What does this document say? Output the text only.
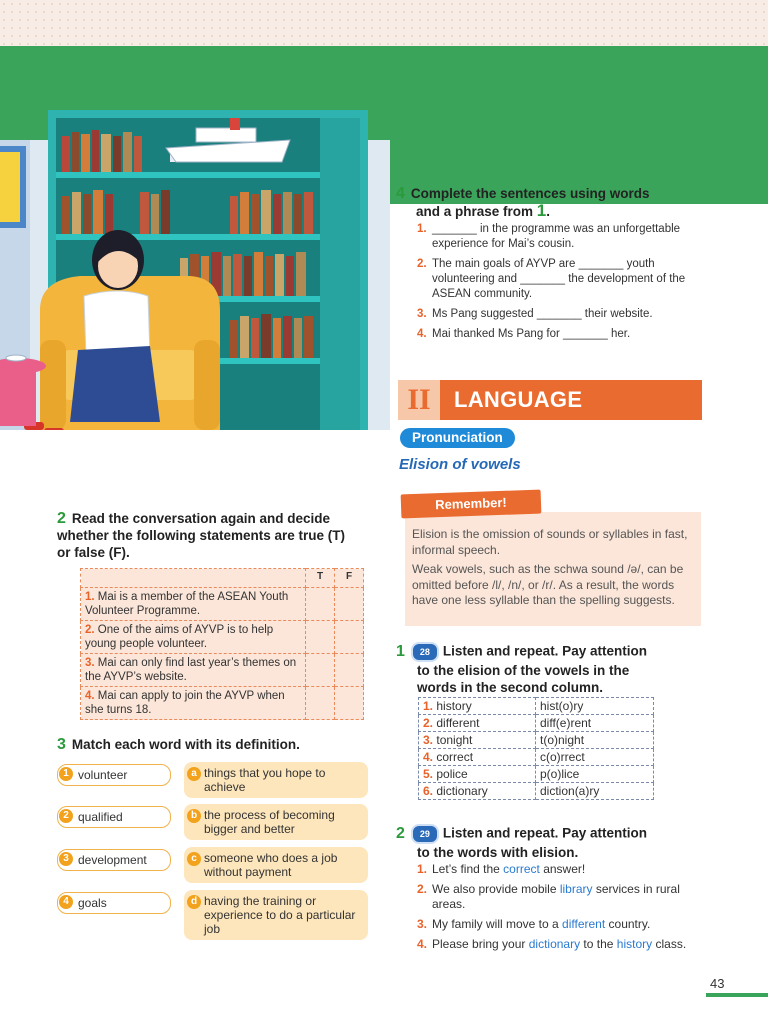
4 Complete the sentences using words
and a phrase from 1.
1. _______ in the programme was an unforgettable experience for Mai’s cousin.
2. The main goals of AYVP are _______ youth volunteering and _______ the development of the ASEAN community.
3. Ms Pang suggested _______ their website.
4. Mai thanked Ms Pang for _______ her.
II	LANGUAGE
Pronunciation
Elision of vowels
Remember!

Elision is the omission of sounds or syllables in fast, informal speech.

Weak vowels, such as the schwa sound /ə/, can be omitted before /l/, /n/, or /r/. As a result, the words have one less syllable than the spelling suggests.

2 Read the conversation again and decide whether the following statements are true (T) or false (F).
	T	F
1. Mai is a member of the ASEAN Youth Volunteer Programme.		
2. One of the aims of AYVP is to help young people volunteer.		
3. Mai can only find last year’s themes on the AYVP’s website.		
4. Mai can apply to join the AYVP when she turns 18.		
3 Match each word with its definition.
1 volunteer
2 qualified
3 development
4 goals
a things that you hope to achieve
b the process of becoming bigger and better
c someone who does a job without payment
d having the training or experience to do a particular job
1 28 Listen and repeat. Pay attention
to the elision of the vowels in the
words in the second column.
1. history	hist(o)ry
2. different	diff(e)rent
3. tonight	t(o)night
4. correct	c(o)rrect
5. police	p(o)lice
6. dictionary	diction(a)ry
2 29 Listen and repeat. Pay attention
to the words with elision.
1. Let’s find the correct answer!
2. We also provide mobile library services in rural areas.
3. My family will move to a different country.
4. Please bring your dictionary to the history class.
43
